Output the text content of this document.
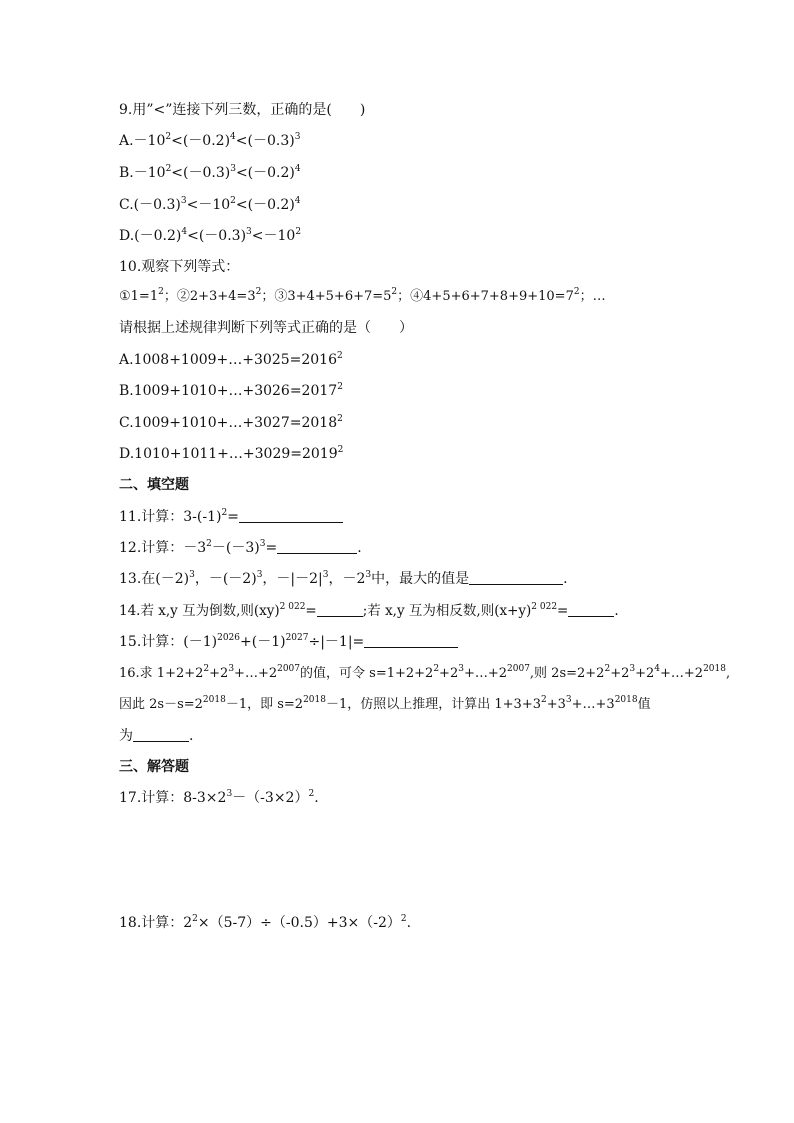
9.用”<”连接下列三数，正确的是(　　)
$A.-10^2<(-0.2)^4<(-0.3)^3$
$B.-10^2<(-0.3)^3<(-0.2)^4$
$C.(-0.3)^3<-10^2<(-0.2)^4$
$D.(-0.2)^4<(-0.3)^3<-10^2$
10.观察下列等式：
$①1=1^2$；$②2+3+4=3^2$；$③3+4+5+6+7=5^2$；$④4+5+6+7+8+9+10=7^2$；…
请根据上述规律判断下列等式正确的是（　　）
$A.1008+1009+\dots+3025=2016^2$
$B.1009+1010+\dots+3026=2017^2$
$C.1009+1010+\dots+3027=2018^2$
$D.1010+1011+\dots+3029=2019^2$
二、填空题
11.计算：$3-(-1)^2=$
12.计算：$-3^2-(-3)^3=$	.
13.在$(-2)^3$，$-(-2)^3$，$-|-2|^3$，$-2^3$中，最大的值是	.
14.若 x,y 互为倒数,则(xy)$^{2 022}$=	;若 x,y 互为相反数,则$(x+y)^{2 022}=$	.
15.计算：$(-1)^{2026}+(-1)^{2027}\div|-1|=$
16.求 $1+2+2^2+2^3+\dots+2^{2007}$的值，可令 $s=1+2+2^2+2^3+\dots+2^{2007}$,则 $2s=2+2^2+2^3+2^4+\dots+2^{2018}$,
因此 $2s-s=2^{2018}-1$，即 $s=2^{2018}-1$，仿照以上推理，计算出 $1+3+3^2+3^3+\dots+3^{2018}$值
为	.
三、解答题
17.计算：$8-3\times 2^3-(-3\times 2)^2$.
18.计算：$2^2\times(5-7)\div(-0.5)+3\times(-2)^2$.
